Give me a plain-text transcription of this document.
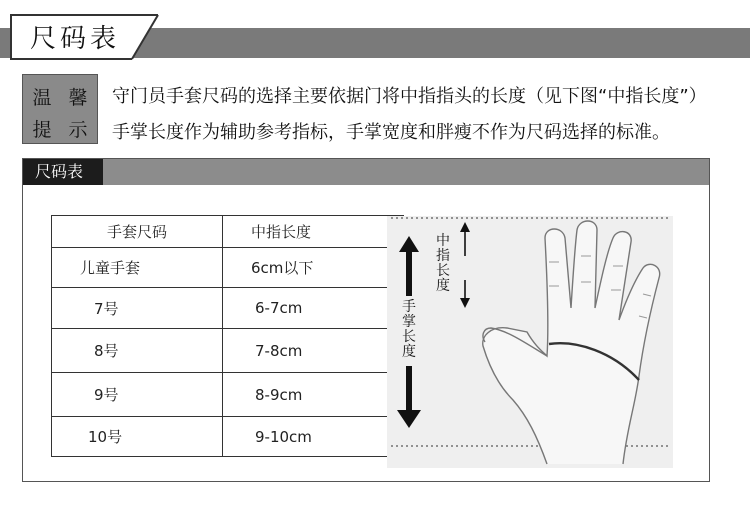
尺码表
温 馨
提 示
守门员手套尺码的选择主要依据门将中指指头的长度（见下图“中指长度”）
手掌长度作为辅助参考指标，手掌宽度和胖瘦不作为尺码选择的标准。
尺码表
手套尺码	中指长度
儿童手套	6cm以下
7号	6-7cm
8号	7-8cm
9号	8-9cm
10号	9-10cm
中指长度
手掌长度
